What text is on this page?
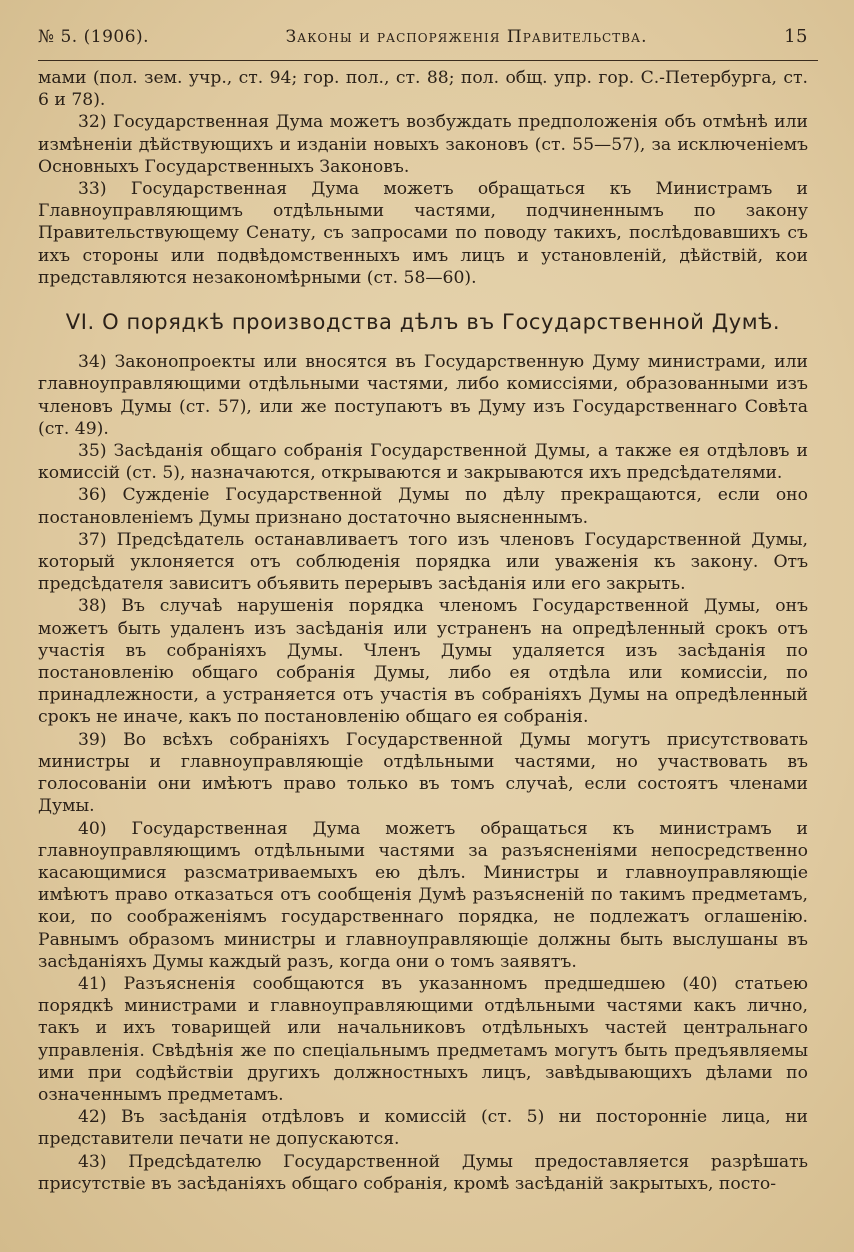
№ 5. (1906).	Законы и распоряженія Правительства.	15

мами (пол. зем. учр., ст. 94; гор. пол., ст. 88; пол. общ. упр. гор. С.-Петербурга, ст. 6 и 78).

32) Государственная Дума можетъ возбуждать предположенія объ отмѣнѣ или измѣненіи дѣйствующихъ и изданіи новыхъ законовъ (ст. 55—57), за исключеніемъ Основныхъ Государственныхъ Законовъ.

33) Государственная Дума можетъ обращаться къ Министрамъ и Главноуправляющимъ отдѣльными частями, подчиненнымъ по закону Правительствующему Сенату, съ запросами по поводу такихъ, послѣдовавшихъ съ ихъ стороны или подвѣдомственныхъ имъ лицъ и установленій, дѣйствій, кои представляются незакономѣрными (ст. 58—60).

VI. О порядкѣ производства дѣлъ въ Государственной Думѣ.

34) Законопроекты или вносятся въ Государственную Думу министрами, или главноуправляющими отдѣльными частями, либо комиссіями, образованными изъ членовъ Думы (ст. 57), или же поступаютъ въ Думу изъ Государственнаго Совѣта (ст. 49).

35) Засѣданія общаго собранія Государственной Думы, а также ея отдѣловъ и комиссій (ст. 5), назначаются, открываются и закрываются ихъ предсѣдателями.

36) Сужденіе Государственной Думы по дѣлу прекращаются, если оно постановленіемъ Думы признано достаточно выясненнымъ.

37) Предсѣдатель останавливаетъ того изъ членовъ Государственной Думы, который уклоняется отъ соблюденія порядка или уваженія къ закону. Отъ предсѣдателя зависитъ объявить перерывъ засѣданія или его закрыть.

38) Въ случаѣ нарушенія порядка членомъ Государственной Думы, онъ можетъ быть удаленъ изъ засѣданія или устраненъ на опредѣленный срокъ отъ участія въ собраніяхъ Думы. Членъ Думы удаляется изъ засѣданія по постановленію общаго собранія Думы, либо ея отдѣла или комиссіи, по принадлежности, а устраняется отъ участія въ собраніяхъ Думы на опредѣленный срокъ не иначе, какъ по постановленію общаго ея собранія.

39) Во всѣхъ собраніяхъ Государственной Думы могутъ присутствовать министры и главноуправляющіе отдѣльными частями, но участвовать въ голосованіи они имѣютъ право только въ томъ случаѣ, если состоятъ членами Думы.

40) Государственная Дума можетъ обращаться къ министрамъ и главноуправляющимъ отдѣльными частями за разъясненіями непосредственно касающимися разсматриваемыхъ ею дѣлъ. Министры и главноуправляющіе имѣютъ право отказаться отъ сообщенія Думѣ разъясненій по такимъ предметамъ, кои, по соображеніямъ государственнаго порядка, не подлежатъ оглашенію. Равнымъ образомъ министры и главноуправляющіе должны быть выслушаны въ засѣданіяхъ Думы каждый разъ, когда они о томъ заявятъ.

41) Разъясненія сообщаются въ указанномъ предшедшею (40) статьею порядкѣ министрами и главноуправляющими отдѣльными частями какъ лично, такъ и ихъ товарищей или начальниковъ отдѣльныхъ частей центральнаго управленія. Свѣдѣнія же по спеціальнымъ предметамъ могутъ быть предъявляемы ими при содѣйствіи другихъ должностныхъ лицъ, завѣдывающихъ дѣлами по означеннымъ предметамъ.

42) Въ засѣданія отдѣловъ и комиссій (ст. 5) ни посторонніе лица, ни представители печати не допускаются.

43) Предсѣдателю Государственной Думы предоставляется разрѣшать присутствіе въ засѣданіяхъ общаго собранія, кромѣ засѣданій закрытыхъ, посто-
